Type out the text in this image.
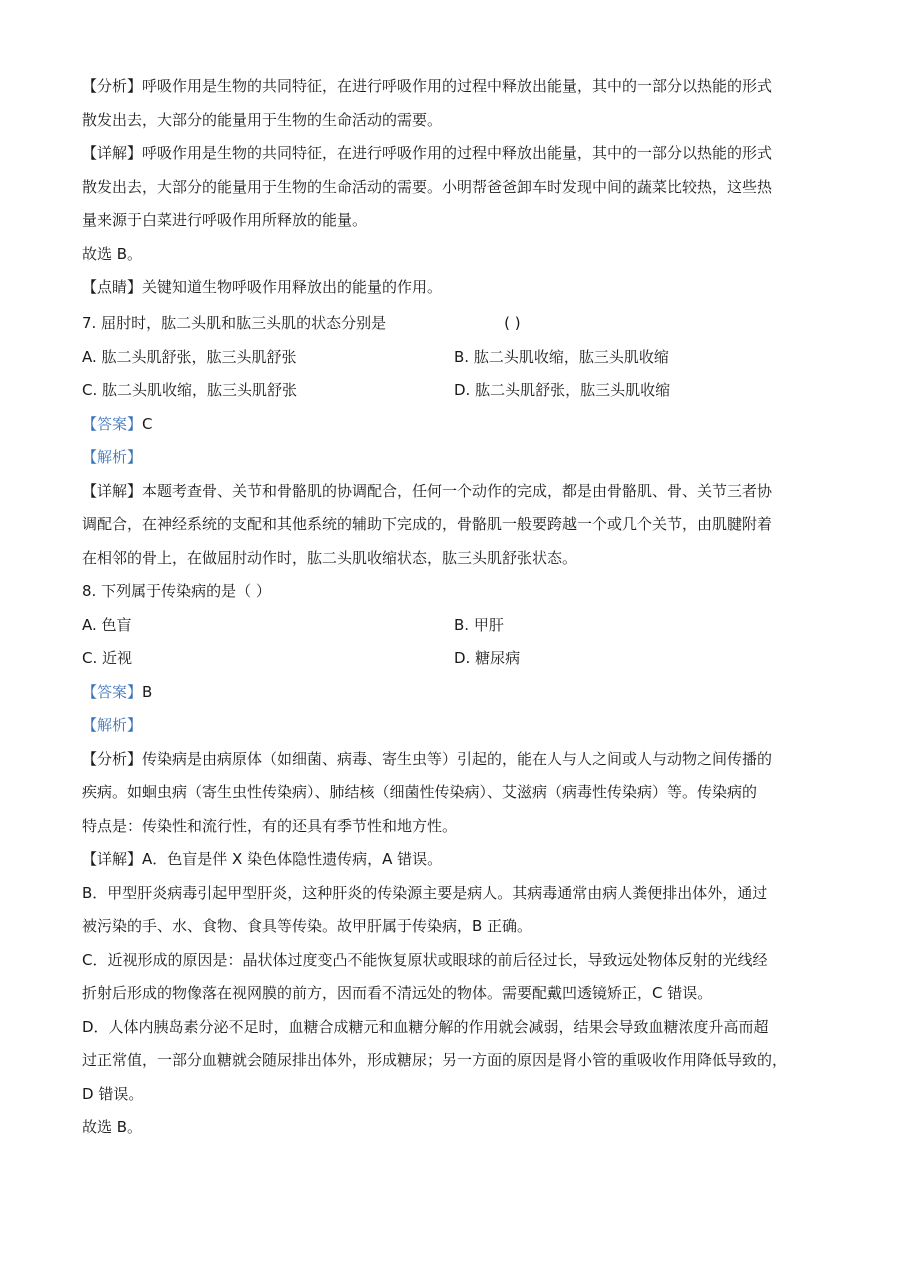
【分析】呼吸作用是生物的共同特征，在进行呼吸作用的过程中释放出能量，其中的一部分以热能的形式
散发出去，大部分的能量用于生物的生命活动的需要。
【详解】呼吸作用是生物的共同特征，在进行呼吸作用的过程中释放出能量，其中的一部分以热能的形式
散发出去，大部分的能量用于生物的生命活动的需要。小明帮爸爸卸车时发现中间的蔬菜比较热，这些热
量来源于白菜进行呼吸作用所释放的能量。
故选 B。
【点睛】关键知道生物呼吸作用释放出的能量的作用。
7. 屈肘时，肱二头肌和肱三头肌的状态分别是	( )
A. 肱二头肌舒张，肱三头肌舒张	B. 肱二头肌收缩，肱三头肌收缩
C. 肱二头肌收缩，肱三头肌舒张	D. 肱二头肌舒张，肱三头肌收缩
【答案】C
【解析】
【详解】本题考查骨、关节和骨骼肌的协调配合，任何一个动作的完成，都是由骨骼肌、骨、关节三者协
调配合，在神经系统的支配和其他系统的辅助下完成的，骨骼肌一般要跨越一个或几个关节，由肌腱附着
在相邻的骨上，在做屈肘动作时，肱二头肌收缩状态，肱三头肌舒张状态。
8. 下列属于传染病的是（ ）
A. 色盲	B. 甲肝
C. 近视	D. 糖尿病
【答案】B
【解析】
【分析】传染病是由病原体（如细菌、病毒、寄生虫等）引起的，能在人与人之间或人与动物之间传播的
疾病。如蛔虫病（寄生虫性传染病）、肺结核（细菌性传染病）、艾滋病（病毒性传染病）等。传染病的
特点是：传染性和流行性，有的还具有季节性和地方性。
【详解】A．色盲是伴 X 染色体隐性遗传病，A 错误。
B．甲型肝炎病毒引起甲型肝炎，这种肝炎的传染源主要是病人。其病毒通常由病人粪便排出体外，通过
被污染的手、水、食物、食具等传染。故甲肝属于传染病，B 正确。
C．近视形成的原因是：晶状体过度变凸不能恢复原状或眼球的前后径过长，导致远处物体反射的光线经
折射后形成的物像落在视网膜的前方，因而看不清远处的物体。需要配戴凹透镜矫正，C 错误。
D．人体内胰岛素分泌不足时，血糖合成糖元和血糖分解的作用就会减弱，结果会导致血糖浓度升高而超
过正常值，一部分血糖就会随尿排出体外，形成糖尿；另一方面的原因是肾小管的重吸收作用降低导致的，
D 错误。
故选 B。
